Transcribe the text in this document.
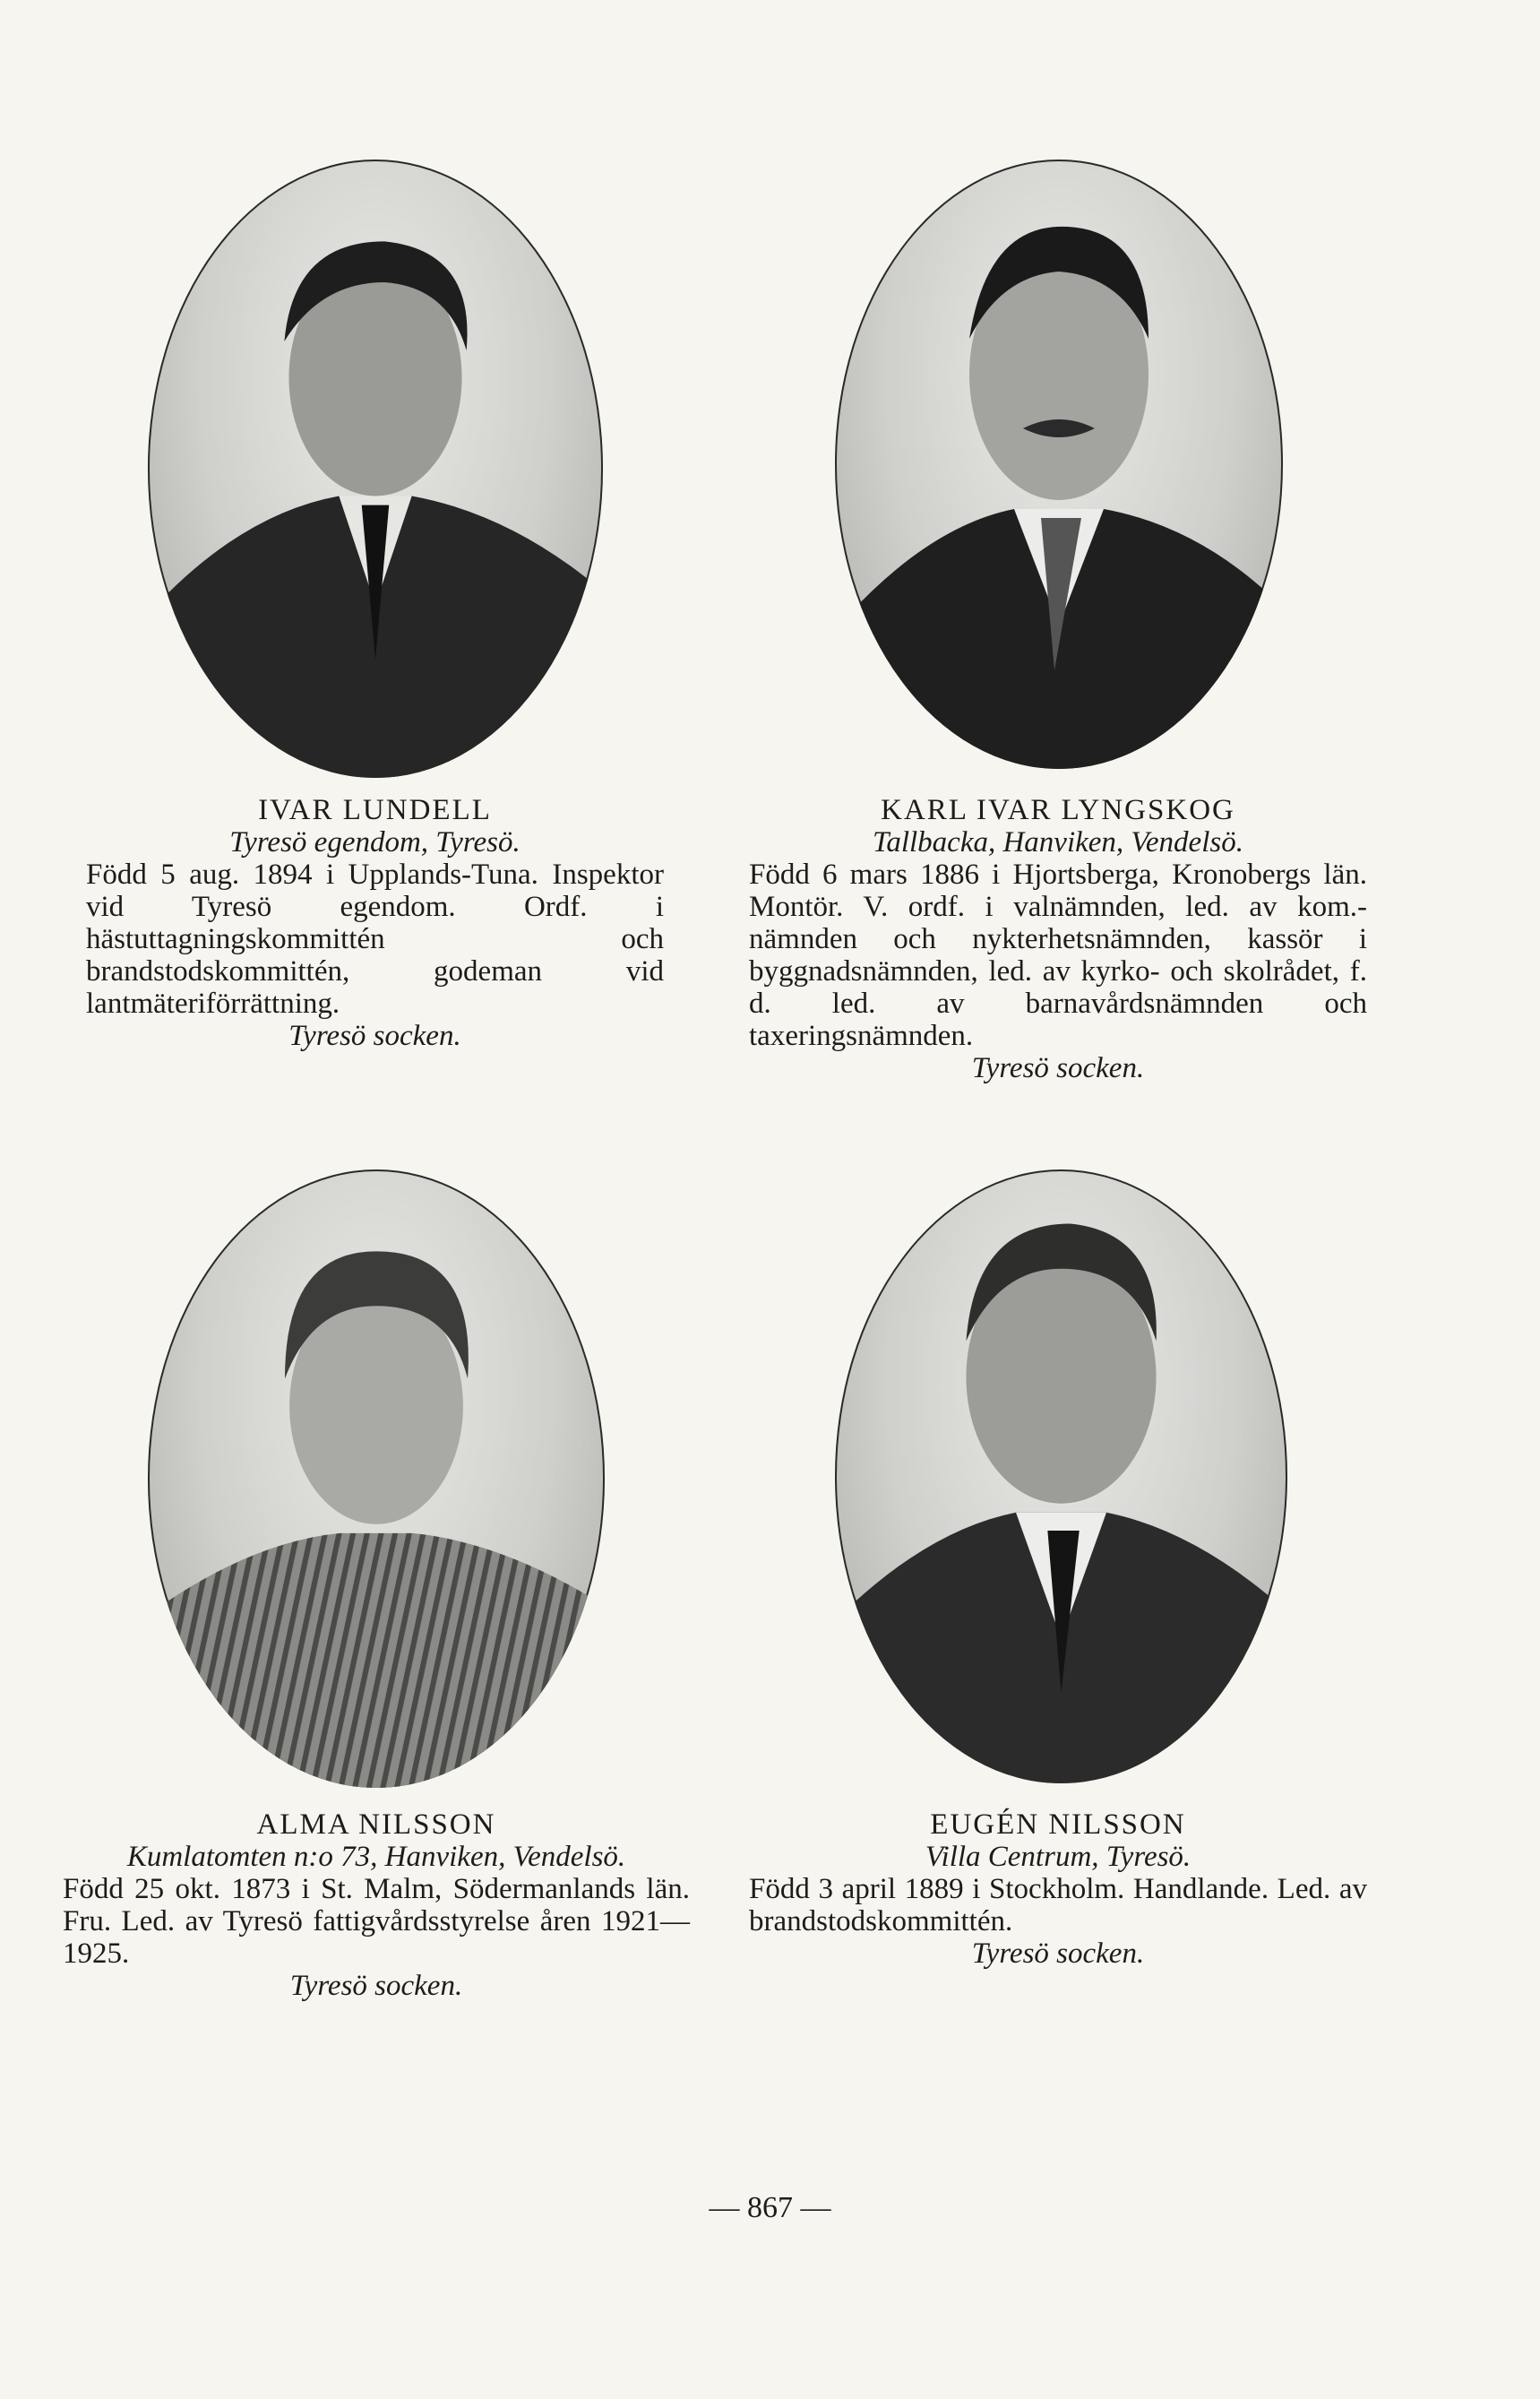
IVAR LUNDELL
Tyresö egendom, Tyresö.
Född 5 aug. 1894 i Upplands-Tuna. Inspektor vid Tyresö egendom. Ordf. i hästuttagningskommittén och brandstodskommittén, godeman vid lantmäteriförrättning.
Tyresö socken.
KARL IVAR LYNGSKOG
Tallbacka, Hanviken, Vendelsö.
Född 6 mars 1886 i Hjortsberga, Kronobergs län. Montör. V. ordf. i valnämnden, led. av kom.-nämnden och nykterhetsnämnden, kassör i byggnadsnämnden, led. av kyrko- och skolrådet, f. d. led. av barnavårdsnämnden och taxeringsnämnden.
Tyresö socken.
ALMA NILSSON
Kumlatomten n:o 73, Hanviken, Vendelsö.
Född 25 okt. 1873 i St. Malm, Södermanlands län. Fru. Led. av Tyresö fattigvårdsstyrelse åren 1921—1925.
Tyresö socken.
EUGÉN NILSSON
Villa Centrum, Tyresö.
Född 3 april 1889 i Stockholm. Handlande. Led. av brandstodskommittén.
Tyresö socken.
— 867 —
